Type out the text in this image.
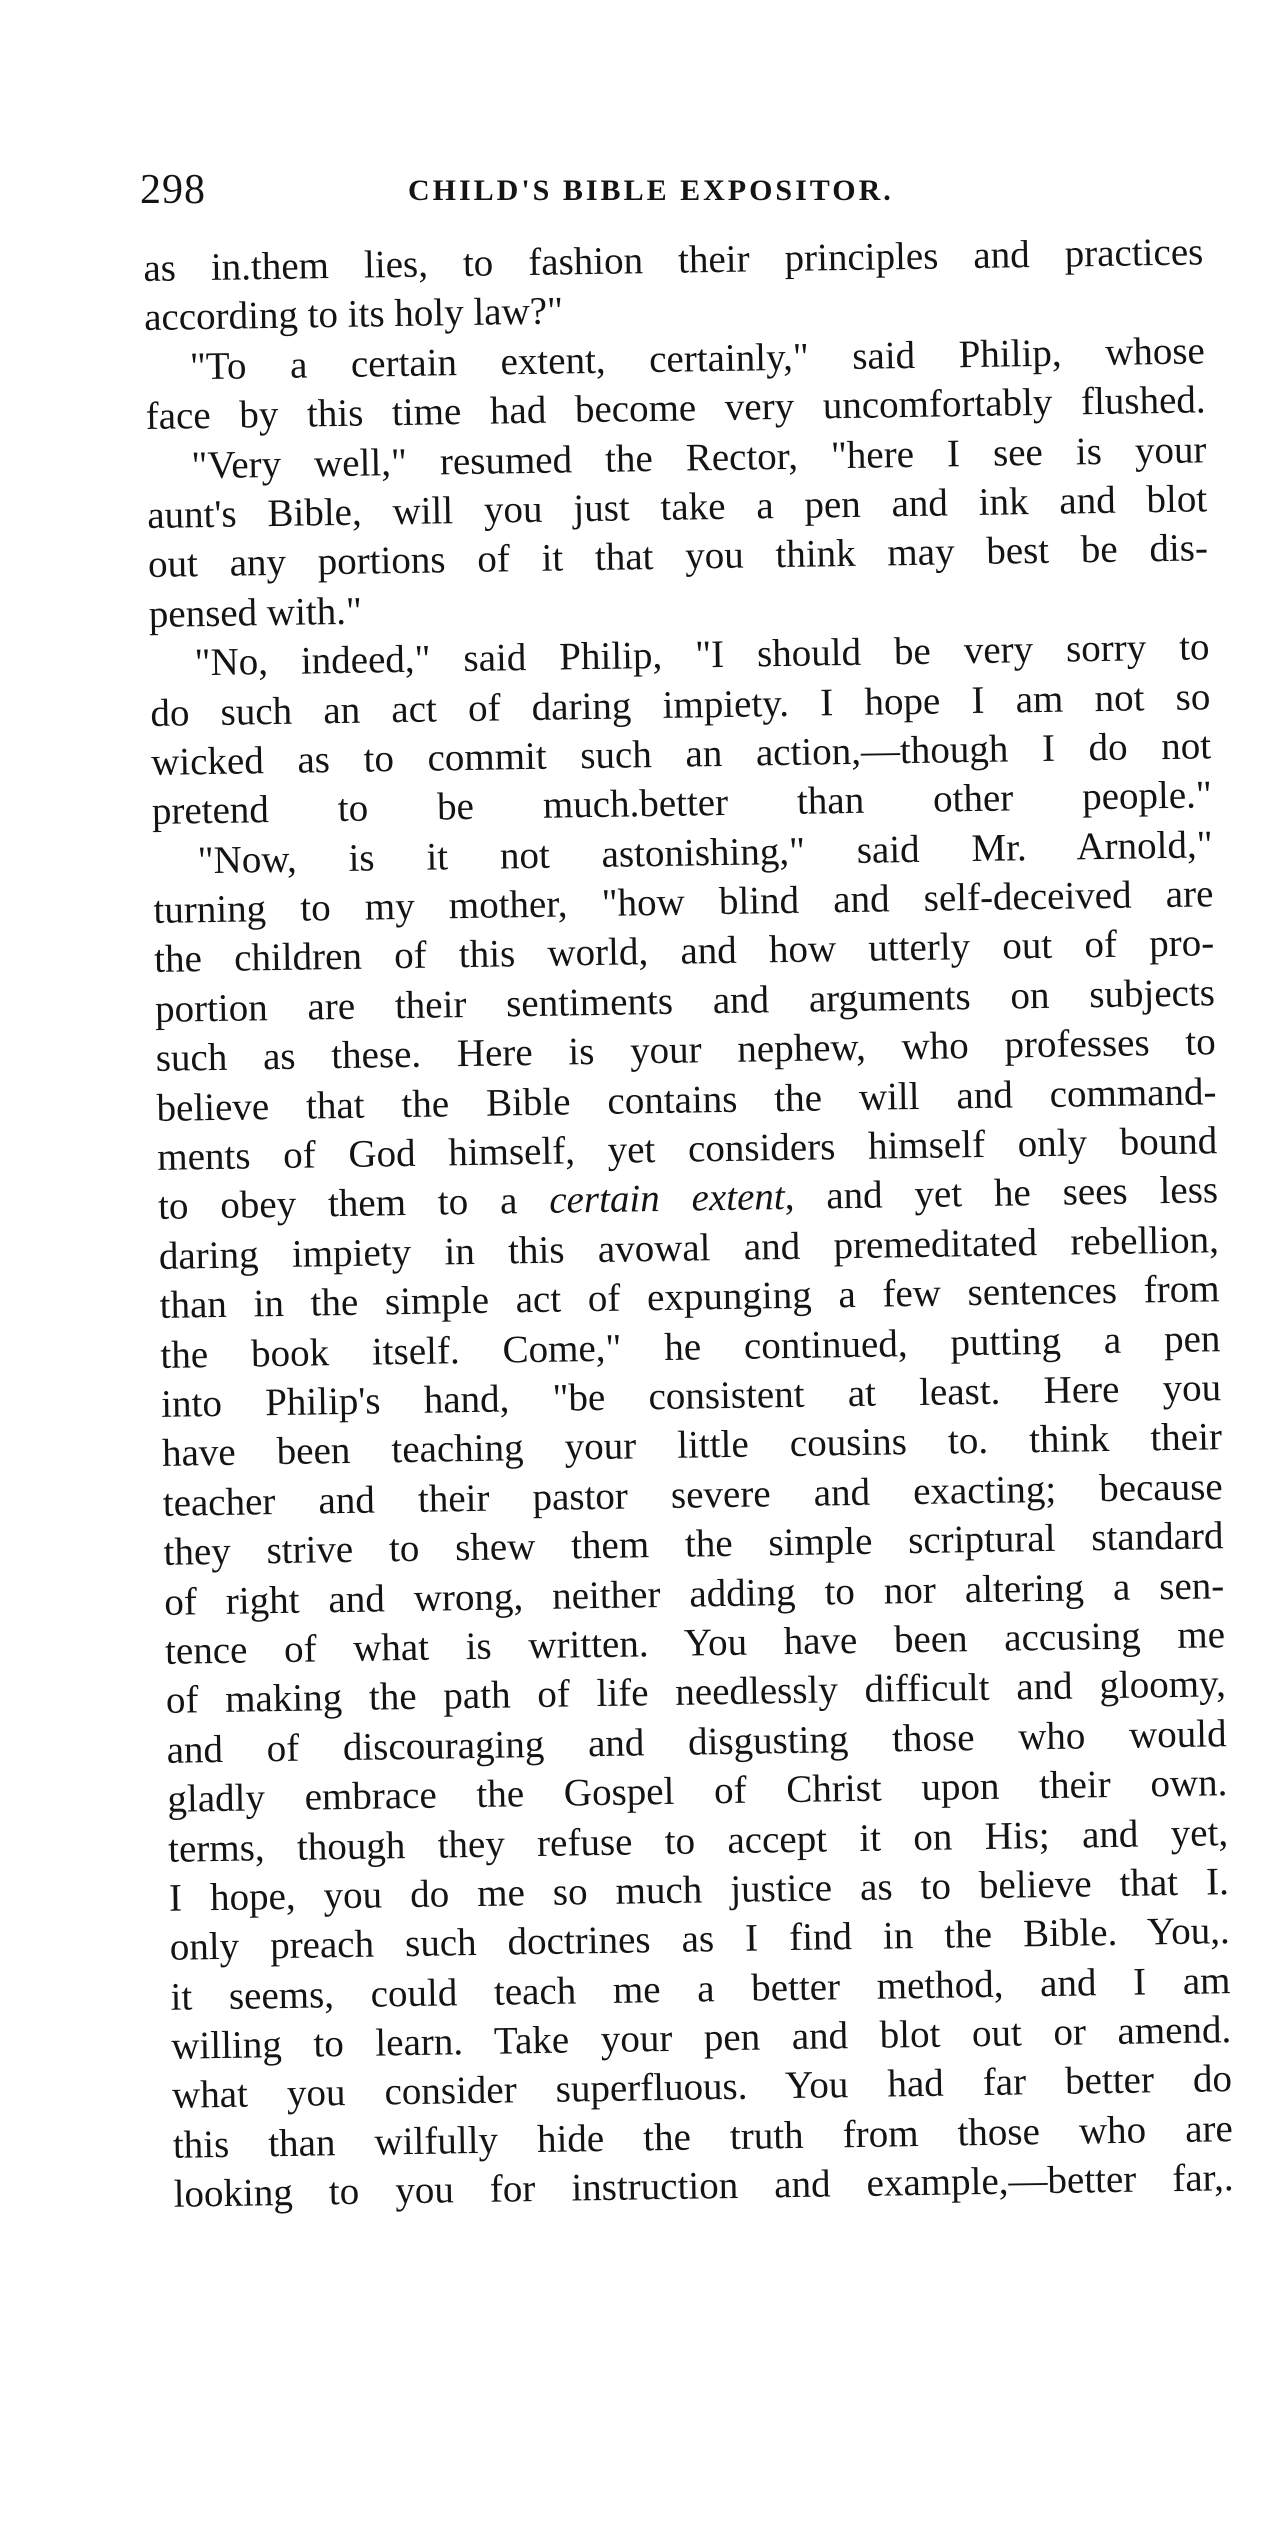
298	CHILD'S BIBLE EXPOSITOR.
as in.them lies, to fashion their principles and practices
according to its holy law?"
"To a certain extent, certainly," said Philip, whose
face by this time had become very uncomfortably flushed.
"Very well," resumed the Rector, "here I see is your
aunt's Bible, will you just take a pen and ink and blot
out any portions of it that you think may best be dis-
pensed with."
"No, indeed," said Philip, "I should be very sorry to
do such an act of daring impiety. I hope I am not so
wicked as to commit such an action,—though I do not
pretend to be much.better than other people."
"Now, is it not astonishing," said Mr. Arnold,"
turning to my mother, "how blind and self-deceived are
the children of this world, and how utterly out of pro-
portion are their sentiments and arguments on subjects
such as these. Here is your nephew, who professes to
believe that the Bible contains the will and command-
ments of God himself, yet considers himself only bound
to obey them to a certain extent, and yet he sees less
daring impiety in this avowal and premeditated rebellion,
than in the simple act of expunging a few sentences from
the book itself. Come," he continued, putting a pen
into Philip's hand, "be consistent at least. Here you
have been teaching your little cousins to. think their
teacher and their pastor severe and exacting; because
they strive to shew them the simple scriptural standard
of right and wrong, neither adding to nor altering a sen-
tence of what is written. You have been accusing me
of making the path of life needlessly difficult and gloomy,
and of discouraging and disgusting those who would
gladly embrace the Gospel of Christ upon their own.
terms, though they refuse to accept it on His; and yet,
I hope, you do me so much justice as to believe that I.
only preach such doctrines as I find in the Bible. You,.
it seems, could teach me a better method, and I am
willing to learn. Take your pen and blot out or amend.
what you consider superfluous. You had far better do
this than wilfully hide the truth from those who are
looking to you for instruction and example,—better far,.
